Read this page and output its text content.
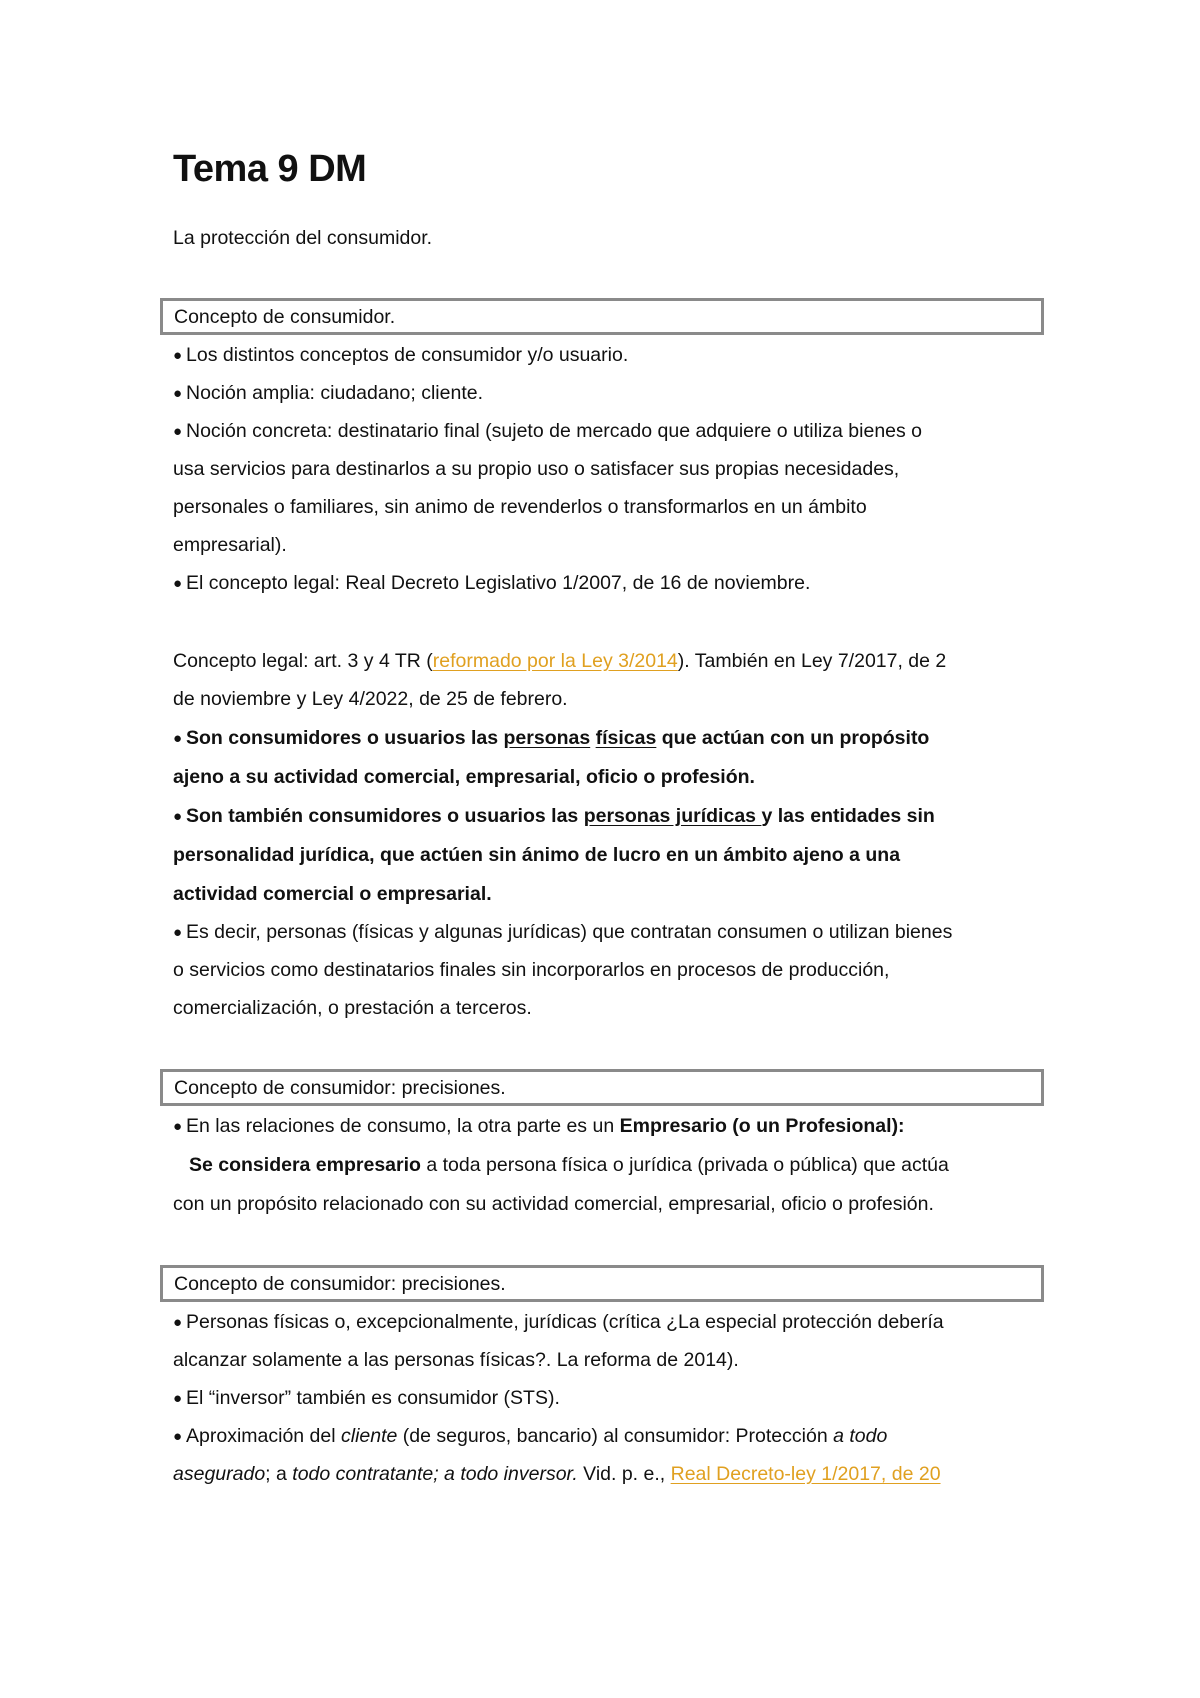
Tema 9 DM

La protección del consumidor.

Concepto de consumidor.
● Los distintos conceptos de consumidor y/o usuario.
● Noción amplia: ciudadano; cliente.
● Noción concreta: destinatario final (sujeto de mercado que adquiere o utiliza bienes o
usa servicios para destinarlos a su propio uso o satisfacer sus propias necesidades,
personales o familiares, sin animo de revenderlos o transformarlos en un ámbito
empresarial).
● El concepto legal: Real Decreto Legislativo 1/2007, de 16 de noviembre.
Concepto legal: art. 3 y 4 TR (reformado por la Ley 3/2014). También en Ley 7/2017, de 2
de noviembre y Ley 4/2022, de 25 de febrero.
● Son consumidores o usuarios las personas físicas que actúan con un propósito
ajeno a su actividad comercial, empresarial, oficio o profesión.
● Son también consumidores o usuarios las personas jurídicas y las entidades sin
personalidad jurídica, que actúen sin ánimo de lucro en un ámbito ajeno a una
actividad comercial o empresarial.
● Es decir, personas (físicas y algunas jurídicas) que contratan consumen o utilizan bienes
o servicios como destinatarios finales sin incorporarlos en procesos de producción,
comercialización, o prestación a terceros.
Concepto de consumidor: precisiones.
● En las relaciones de consumo, la otra parte es un Empresario (o un Profesional):
Se considera empresario a toda persona física o jurídica (privada o pública) que actúa
con un propósito relacionado con su actividad comercial, empresarial, oficio o profesión.
Concepto de consumidor: precisiones.
● Personas físicas o, excepcionalmente, jurídicas (crítica ¿La especial protección debería
alcanzar solamente a las personas físicas?. La reforma de 2014).
● El “inversor” también es consumidor (STS).
● Aproximación del cliente (de seguros, bancario) al consumidor: Protección a todo
asegurado; a todo contratante; a todo inversor. Vid. p. e., Real Decreto-ley 1/2017, de 20
